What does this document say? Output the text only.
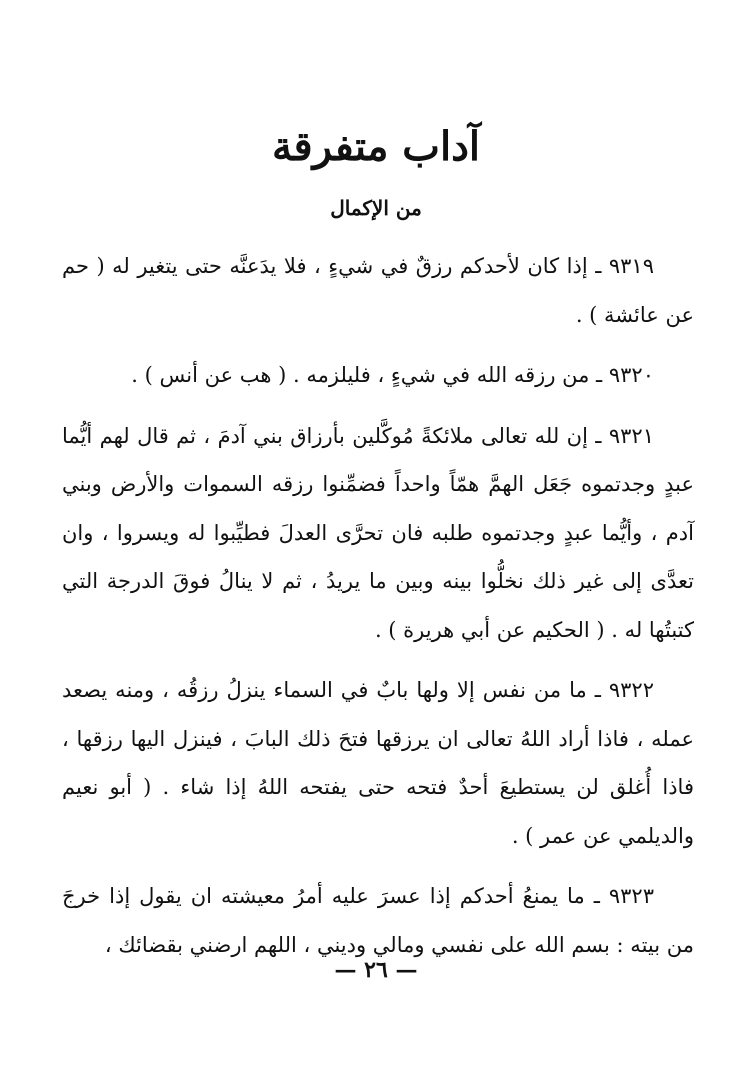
آداب متفرقة
من الإكمال

٩٣١٩ ـ إذا كان لأحدكم رزقٌ في شيءٍ ، فلا يدَعنَّه حتى يتغير له ( حم عن عائشة ) .

٩٣٢٠ ـ من رزقه الله في شيءٍ ، فليلزمه . ( هب عن أنس ) .

٩٣٢١ ـ إن لله تعالى ملائكةً مُوكَّلين بأرزاق بني آدمَ ، ثم قال لهم أيُّما عبدٍ وجدتموه جَعَل الهمَّ همّاً واحداً فضمِّنوا رزقه السموات والأرض وبني آدم ، وأيُّما عبدٍ وجدتموه طلبه فان تحرَّى العدلَ فطيِّبوا له ويسروا ، وان تعدَّى إلى غير ذلك نخلُّوا بينه وبين ما يريدُ ، ثم لا ينالُ فوقَ الدرجة التي كتبتُها له . ( الحكيم عن أبي هريرة ) .

٩٣٢٢ ـ ما من نفس إلا ولها بابٌ في السماء ينزلُ رزقُه ، ومنه يصعد عمله ، فاذا أراد اللهُ تعالى ان يرزقها فتحَ ذلك البابَ ، فينزل اليها رزقها ، فاذا أُغلق لن يستطيعَ أحدٌ فتحه حتى يفتحه اللهُ إذا شاء . ( أبو نعيم والديلمي عن عمر ) .

٩٣٢٣ ـ ما يمنعُ أحدكم إذا عسرَ عليه أمرُ معيشته ان يقول إذا خرجَ من بيته : بسم الله على نفسي ومالي وديني ، اللهم ارضني بقضائك ،

— ٢٦ —
